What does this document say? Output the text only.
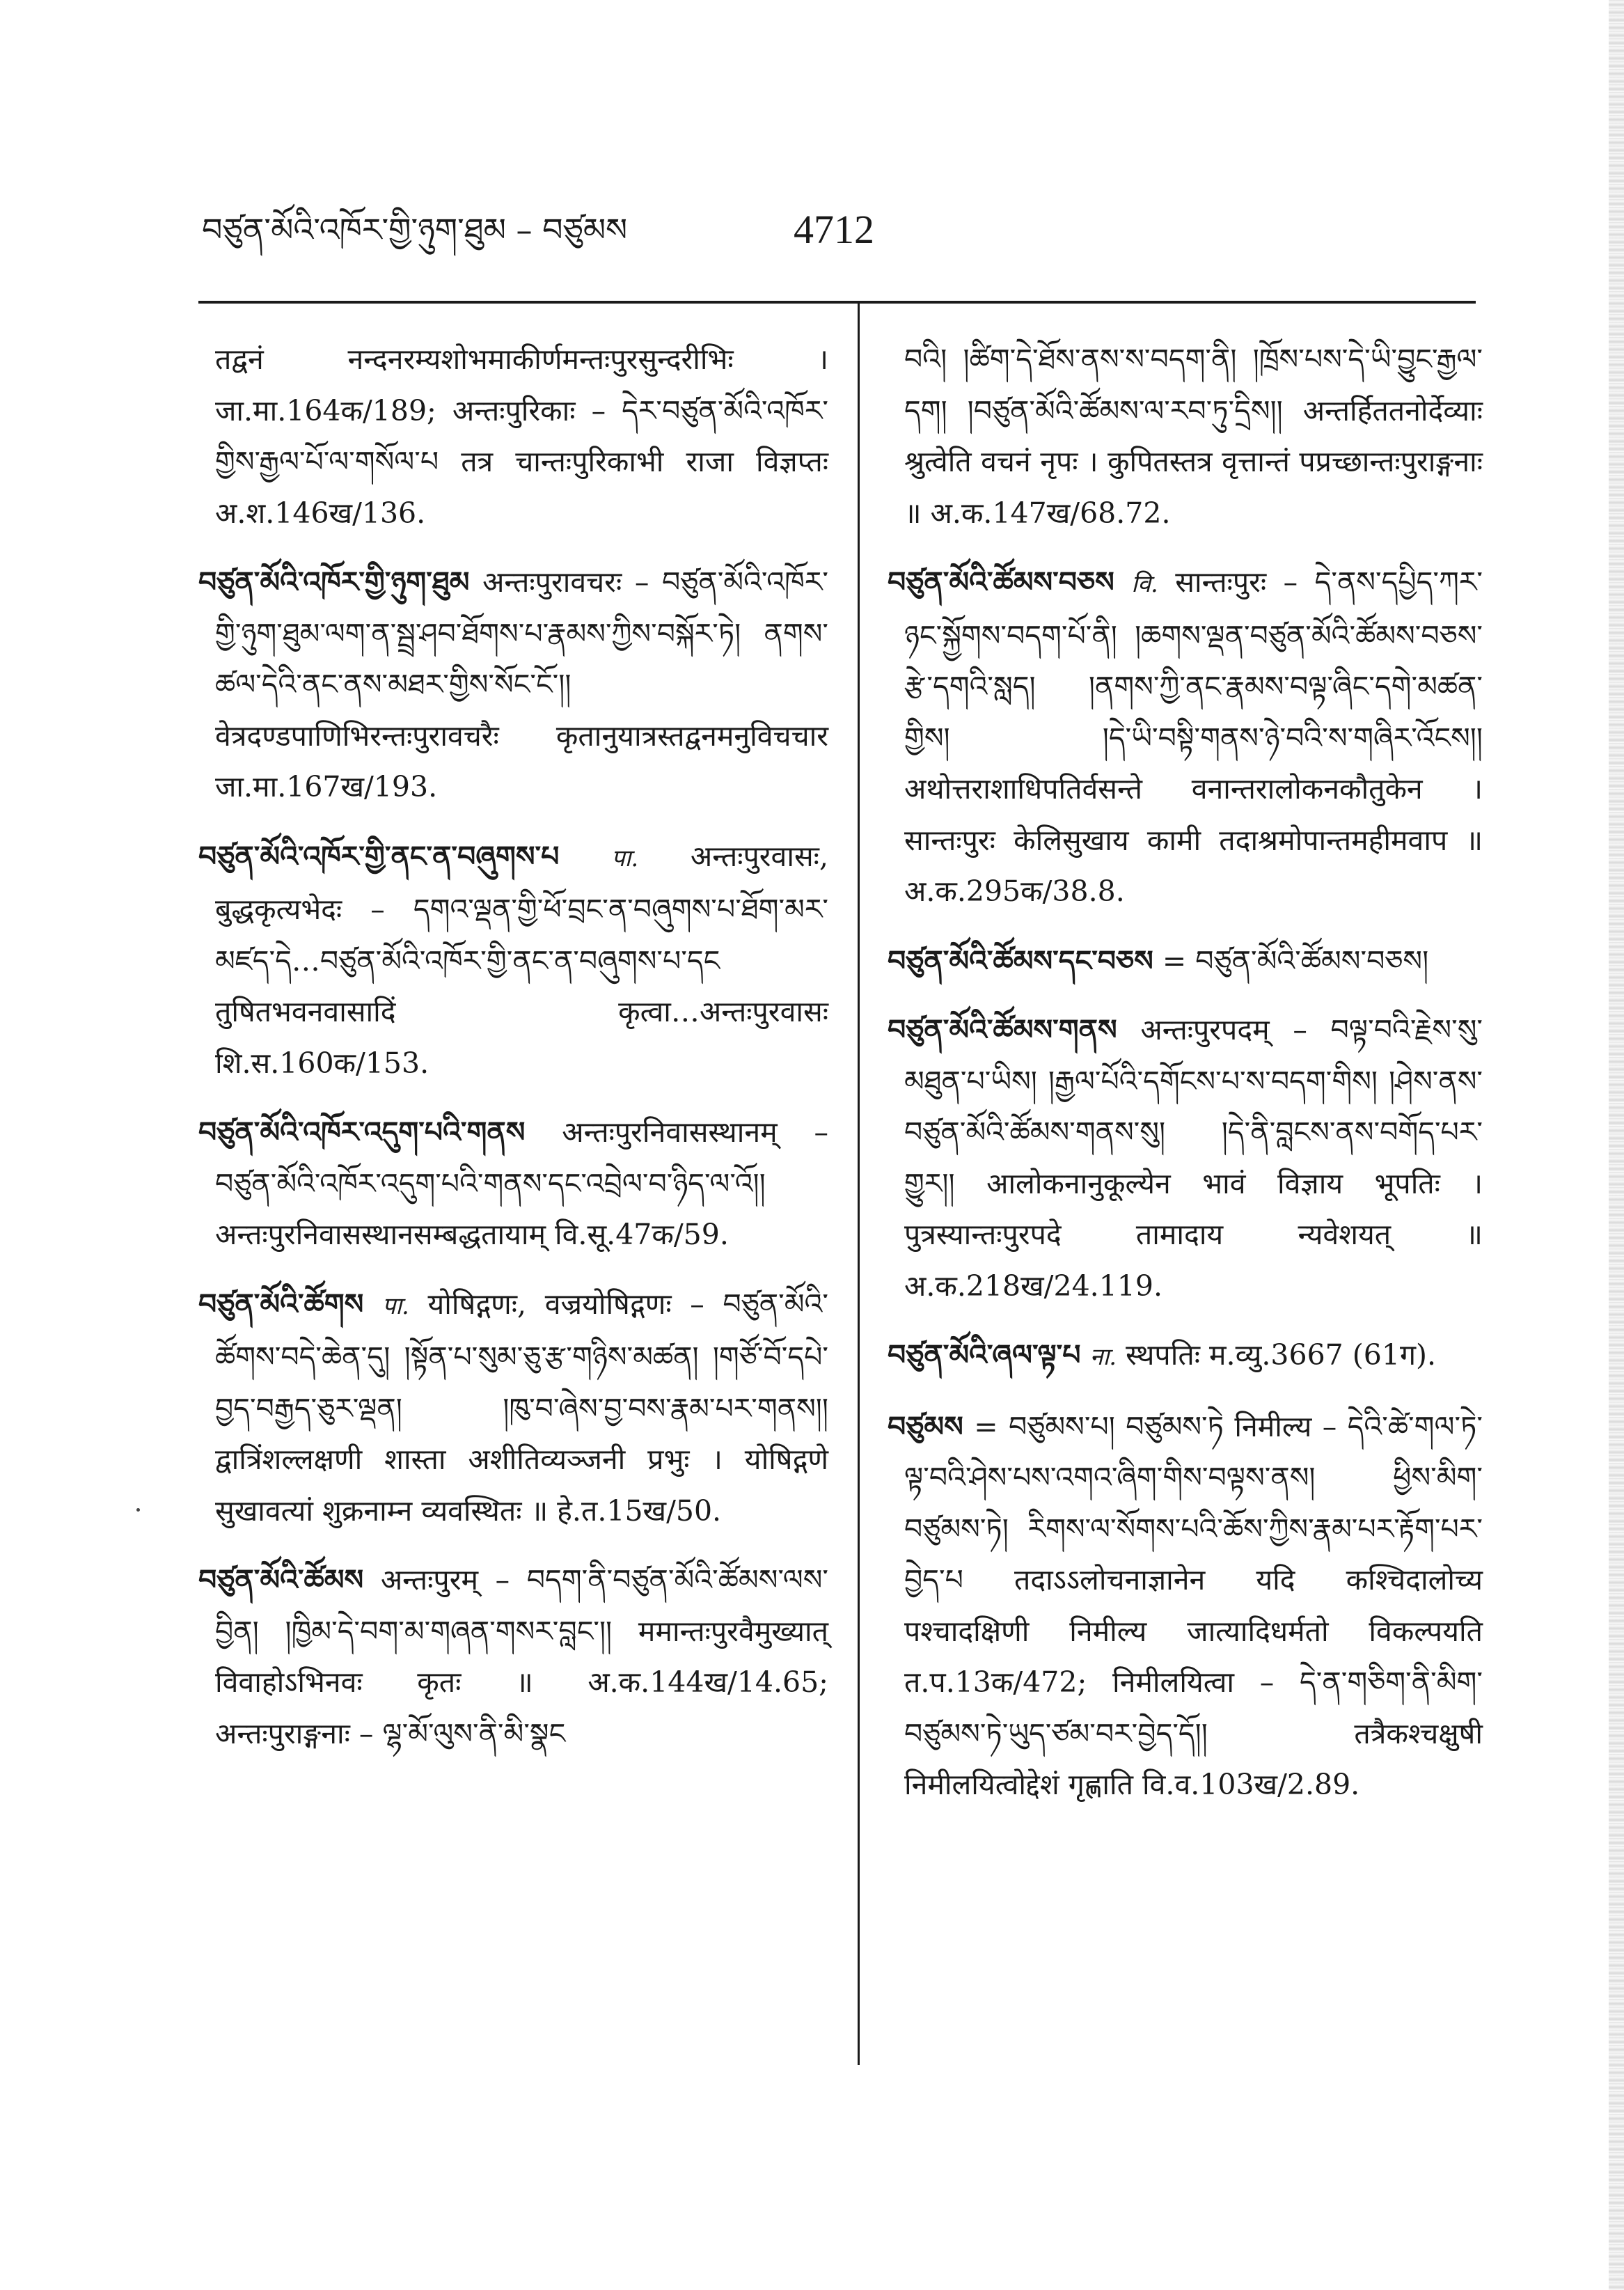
བཙུན་མོའི་འཁོར་གྱི་ཉུག་ཐུམ – བཙུམས	4712

तद्वनं नन्दनरम्यशोभमाकीर्णमन्तःपुरसुन्दरीभिः । जा.मा.164क/189; अन्तःपुरिकाः – དེར་བཙུན་མོའི་འཁོར་གྱིས་རྒྱལ་པོ་ལ་གསོལ་པ तत्र चान्तःपुरिकाभी राजा विज्ञप्तः अ.श.146ख/136.

བཙུན་མོའི་འཁོར་གྱི་ཉུག་ཐུམ अन्तःपुरावचरः – བཙུན་མོའི་འཁོར་གྱི་ཉུག་ཐུམ་ལག་ན་སྦྲ་ཤབ་ཐོགས་པ་རྣམས་ཀྱིས་བསྐོར་ཏེ། ནགས་ཚལ་དེའི་ནང་ནས་མཐར་གྱིས་སོང་ངོ༌།། वेत्रदण्डपाणिभिरन्तःपुरावचरैः कृतानुयात्रस्तद्वनमनुविचचार जा.मा.167ख/193.

བཙུན་མོའི་འཁོར་གྱི་ནང་ན་བཞུགས་པ पा. अन्तःपुरवासः, बुद्धकृत्यभेदः – དགའ་ལྡན་གྱི་ཕོ་བྲང་ན་བཞུགས་པ་ཐོག་མར་མཛད་དེ…བཙུན་མོའི་འཁོར་གྱི་ནང་ན་བཞུགས་པ་དང तुषितभवनवासादिं कृत्वा…अन्तःपुरवासः शि.स.160क/153.

བཙུན་མོའི་འཁོར་འདུག་པའི་གནས अन्तःपुरनिवासस्थानम् – བཙུན་མོའི་འཁོར་འདུག་པའི་གནས་དང་འབྲེལ་བ་ཉིད་ལ་འོ།། अन्तःपुरनिवासस्थानसम्बद्धतायाम् वि.सू.47क/59.

བཙུན་མོའི་ཚོགས पा. योषिद्गणः, वज्रयोषिद्गणः – བཙུན་མོའི་ཚོགས་བདེ་ཆེན་དུ། །སྟོན་པ་སུམ་ཅུ་རྩ་གཉིས་མཚན། །གཙོ་བོ་དཔེ་བྱད་བརྒྱད་ཅུར་ལྡན། །ཁུ་བ་ཞེས་བྱ་བས་རྣམ་པར་གནས།། द्वात्रिंशल्लक्षणी शास्ता अशीतिव्यञ्जनी प्रभुः । योषिद्गणे सुखावत्यां शुक्रनाम्न व्यवस्थितः ॥ हे.त.15ख/50.

བཙུན་མོའི་ཚོམས अन्तःपुरम् – བདག་ནི་བཙུན་མོའི་ཚོམས་ལས་བྱིན། །ཁྱིམ་དེ་བག་མ་གཞན་གསར་བླང་།། ममान्तःपुरवैमुख्यात् विवाहोऽभिनवः कृतः ॥ अ.क.144ख/14.65; अन्तःपुराङ्गनाः – ལྷ་མོ་ལུས་ནི་མི་སྣང

བའི། །ཚིག་དེ་ཐོས་ནས་ས་བདག་ནི། །ཁྲོས་པས་དེ་ཡི་བྱུང་རྒྱལ་དག། །བཙུན་མོའི་ཚོམས་ལ་རབ་ཏུ་དྲིས།། अन्तर्हिततनोर्देव्याः श्रुत्वेति वचनं नृपः । कुपितस्तत्र वृत्तान्तं पप्रच्छान्तःपुराङ्गनाः ॥ अ.क.147ख/68.72.

བཙུན་མོའི་ཚོམས་བཅས वि. सान्तःपुरः – དེ་ནས་དཔྱིད་ཀར་ཉང་སྐྱོགས་བདག་པོ་ནི། །ཆགས་ལྡན་བཙུན་མོའི་ཚོམས་བཅས་རྩེ་དགའི་སླད། །ནགས་ཀྱི་ནང་རྣམས་བལྟ་ཞིང་དགེ་མཚན་གྱིས། །དེ་ཡི་བསྟི་གནས་ཉེ་བའི་ས་གཞིར་འོངས།། अथोत्तराशाधिपतिर्वसन्ते वनान्तरालोकनकौतुकेन । सान्तःपुरः केलिसुखाय कामी तदाश्रमोपान्तमहीमवाप ॥ अ.क.295क/38.8.

བཙུན་མོའི་ཚོམས་དང་བཅས = བཙུན་མོའི་ཚོམས་བཅས།

བཙུན་མོའི་ཚོམས་གནས अन्तःपुरपदम् – བལྟ་བའི་རྗེས་སུ་མཐུན་པ་ཡིས། །རྒྱལ་པོའི་དགོངས་པ་ས་བདག་གིས། །ཤེས་ནས་བཙུན་མོའི་ཚོམས་གནས་སུ། །དེ་ནི་བླངས་ནས་བགོད་པར་གྱུར།། आलोकनानुकूल्येन भावं विज्ञाय भूपतिः । पुत्रस्यान्तःपुरपदे तामादाय न्यवेशयत् ॥ अ.क.218ख/24.119.

བཙུན་མོའི་ཞལ་ལྟ་པ ना. स्थपतिः म.व्यु.3667 (61ग).

བཙུམས = བཙུམས་པ། བཙུམས་ཏེ निमील्य – དེའི་ཚེ་གལ་ཏེ་ལྟ་བའི་ཤེས་པས་འགའ་ཞིག་གིས་བལྟས་ནས། ཕྱིས་མིག་བཙུམས་ཏེ། རིགས་ལ་སོགས་པའི་ཆོས་ཀྱིས་རྣམ་པར་རྟོག་པར་བྱེད་པ तदाऽऽलोचनाज्ञानेन यदि कश्चिदालोच्य पश्चादक्षिणी निमील्य जात्यादिधर्मतो विकल्पयति त.प.13क/472; निमीलयित्वा – དེ་ན་གཅིག་ནི་མིག་བཙུམས་ཏེ་ཡུད་ཙམ་བར་བྱེད་དོ།། तत्रैकश्चक्षुषी निमीलयित्वोद्देशं गृह्णाति वि.व.103ख/2.89.
